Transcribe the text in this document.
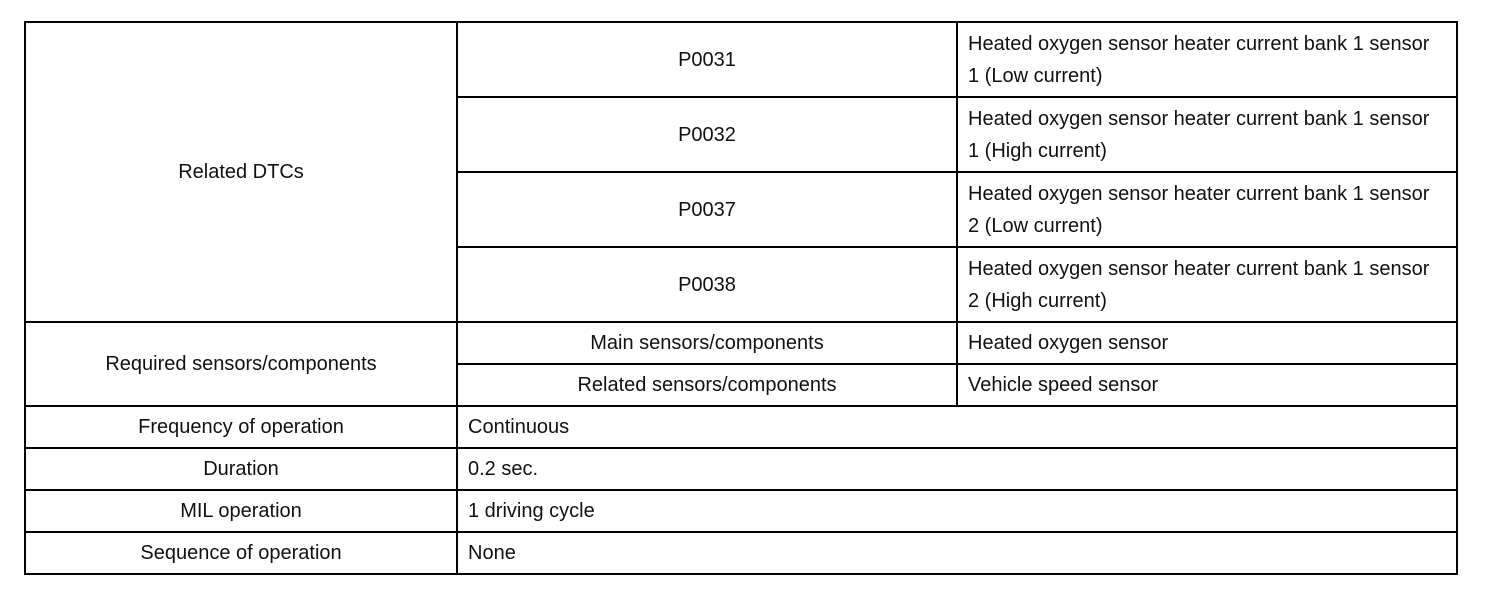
Related DTCs	P0031	Heated oxygen sensor heater current bank 1 sensor 1 (Low current)
	P0032	Heated oxygen sensor heater current bank 1 sensor 1 (High current)
	P0037	Heated oxygen sensor heater current bank 1 sensor 2 (Low current)
	P0038	Heated oxygen sensor heater current bank 1 sensor 2 (High current)
Required sensors/components	Main sensors/components	Heated oxygen sensor
	Related sensors/components	Vehicle speed sensor
Frequency of operation	Continuous	
Duration	0.2 sec.	
MIL operation	1 driving cycle	
Sequence of operation	None	
